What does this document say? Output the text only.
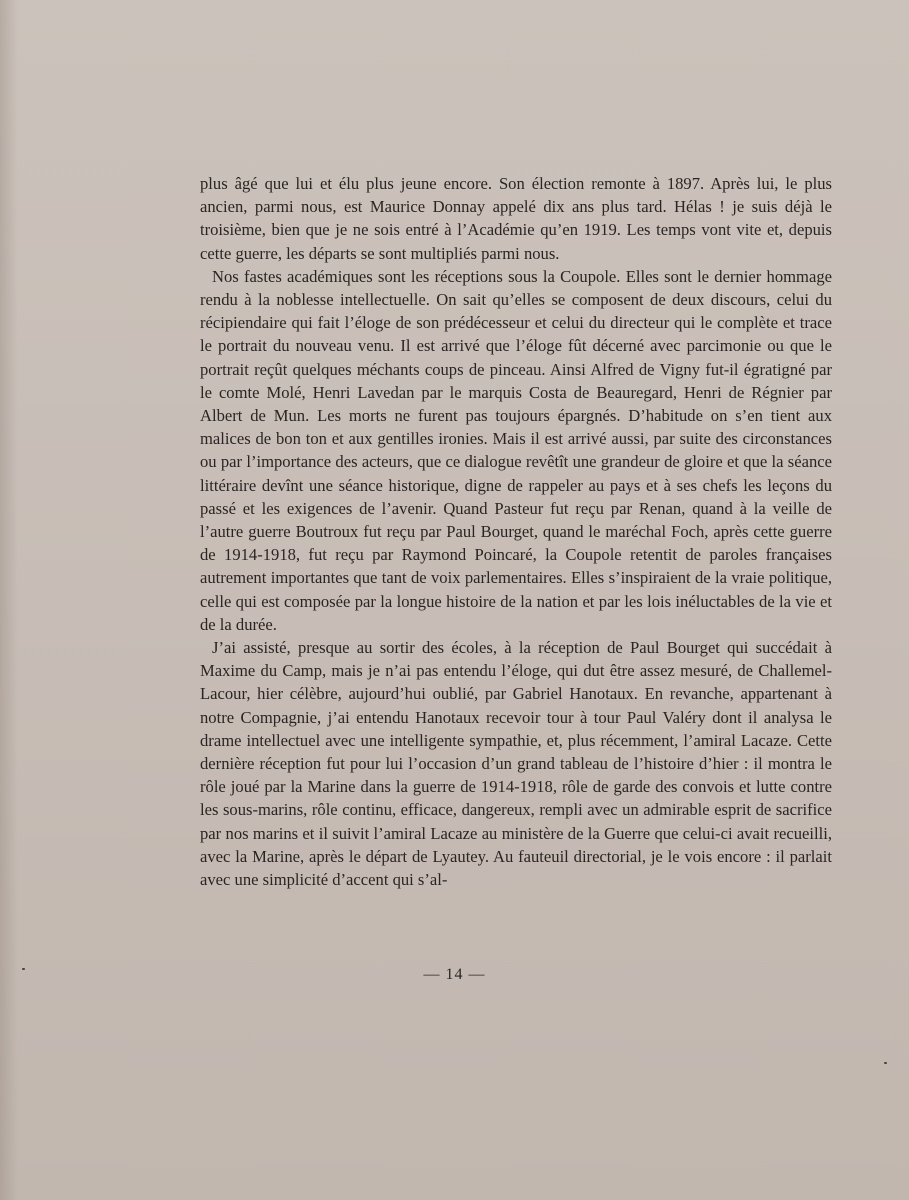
plus âgé que lui et élu plus jeune encore. Son élection remonte à 1897. Après lui, le plus ancien, parmi nous, est Maurice Donnay appelé dix ans plus tard. Hélas ! je suis déjà le troisième, bien que je ne sois entré à l’Académie qu’en 1919. Les temps vont vite et, depuis cette guerre, les départs se sont multipliés parmi nous.

Nos fastes académiques sont les réceptions sous la Coupole. Elles sont le dernier hommage rendu à la noblesse intellectuelle. On sait qu’elles se composent de deux discours, celui du récipiendaire qui fait l’éloge de son prédécesseur et celui du directeur qui le complète et trace le portrait du nouveau venu. Il est arrivé que l’éloge fût décerné avec parcimonie ou que le portrait reçût quelques méchants coups de pinceau. Ainsi Alfred de Vigny fut-il égratigné par le comte Molé, Henri Lavedan par le marquis Costa de Beauregard, Henri de Régnier par Albert de Mun. Les morts ne furent pas toujours épargnés. D’habitude on s’en tient aux malices de bon ton et aux gentilles ironies. Mais il est arrivé aussi, par suite des circonstances ou par l’importance des acteurs, que ce dialogue revêtît une grandeur de gloire et que la séance littéraire devînt une séance historique, digne de rappeler au pays et à ses chefs les leçons du passé et les exigences de l’avenir. Quand Pasteur fut reçu par Renan, quand à la veille de l’autre guerre Boutroux fut reçu par Paul Bourget, quand le maréchal Foch, après cette guerre de 1914-1918, fut reçu par Raymond Poincaré, la Coupole retentit de paroles françaises autrement importantes que tant de voix parlementaires. Elles s’inspiraient de la vraie politique, celle qui est composée par la longue histoire de la nation et par les lois inéluctables de la vie et de la durée.

J’ai assisté, presque au sortir des écoles, à la réception de Paul Bourget qui succédait à Maxime du Camp, mais je n’ai pas entendu l’éloge, qui dut être assez mesuré, de Challemel-Lacour, hier célèbre, aujourd’hui oublié, par Gabriel Hanotaux. En revanche, appartenant à notre Compagnie, j’ai entendu Hanotaux recevoir tour à tour Paul Valéry dont il analysa le drame intellectuel avec une intelligente sympathie, et, plus récemment, l’amiral Lacaze. Cette dernière réception fut pour lui l’occasion d’un grand tableau de l’histoire d’hier : il montra le rôle joué par la Marine dans la guerre de 1914-1918, rôle de garde des convois et lutte contre les sous-marins, rôle continu, efficace, dangereux, rempli avec un admirable esprit de sacrifice par nos marins et il suivit l’amiral Lacaze au ministère de la Guerre que celui-ci avait recueilli, avec la Marine, après le départ de Lyautey. Au fauteuil directorial, je le vois encore : il parlait avec une simplicité d’accent qui s’al-

— 14 —
